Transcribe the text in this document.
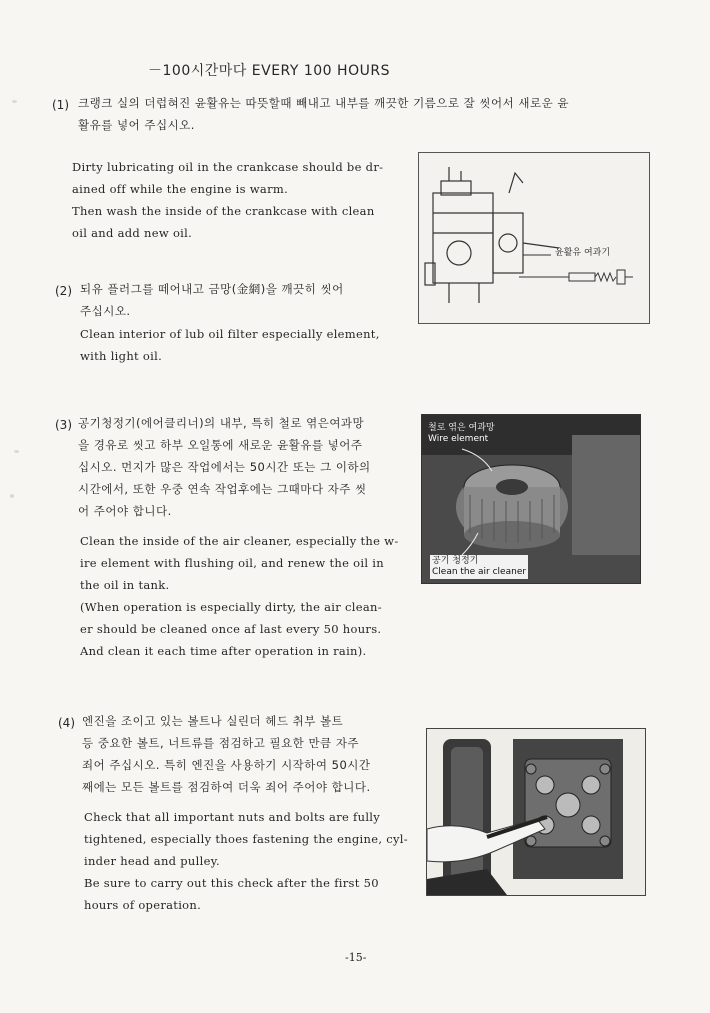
－100시간마다 EVERY 100 HOURS
(1) 크랭크 실의 더럽혀진 윤활유는 따뜻할때 빼내고 내부를 깨끗한 기름으로 잘 씻어서 새로운 윤
활유를 넣어 주십시오.
Dirty lubricating oil in the crankcase should be dr-
ained off while the engine is warm.
Then wash the inside of the crankcase with clean
oil and add new oil.
윤활유 여과기
(2) 되유 플러그를 떼어내고 금망(金網)을 깨끗히 씻어
주십시오.
Clean interior of lub oil filter especially element,
with light oil.
(3) 공기청정기(에어클리너)의 내부, 특히 철로 엮은여과망
을 경유로 씻고 하부 오일통에 새로운 윤활유를 넣어주
십시오. 먼지가 많은 작업에서는 50시간 또는 그 이하의
시간에서, 또한 우중 연속 작업후에는 그때마다 자주 씻
어 주어야 합니다.
Clean the inside of the air cleaner, especially the w-
ire element with flushing oil, and renew the oil in
the oil in tank.
(When operation is especially dirty, the air clean-
er should be cleaned once af last every 50 hours.
And clean it each time after operation in rain).
철로 엮은 여과망
Wire element
공기 청정기
Clean the air cleaner
(4) 엔진을 조이고 있는 볼트나 실린더 헤드 취부 볼트
등 중요한 볼트, 너트류를 점검하고 필요한 만큼 자주
죄어 주십시오. 특히 엔진을 사용하기 시작하여 50시간
째에는 모든 볼트를 점검하여 더욱 죄어 주어야 합니다.
Check that all important nuts and bolts are fully
tightened, especially thoes fastening the engine, cyl-
inder head and pulley.
Be sure to carry out this check after the first 50
hours of operation.
-15-
